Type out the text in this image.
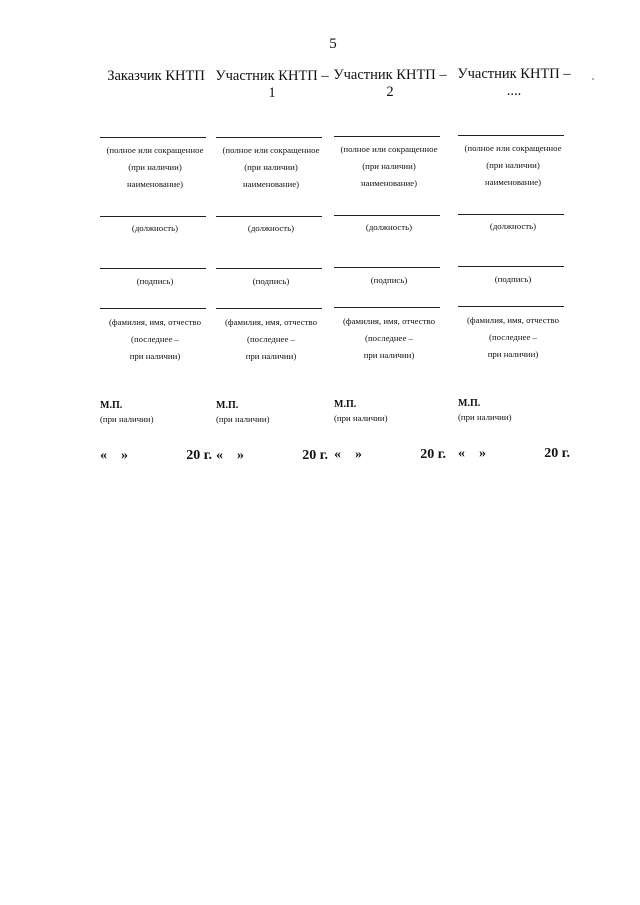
5
Заказчик КНТП
(полное или сокращенное
(при наличии)
наименование)
(должность)
(подпись)
(фамилия, имя, отчество
(последнее –
при наличии)
М.П.
(при наличии)
«    »	20 г.
Участник КНТП – 1
(полное или сокращенное
(при наличии)
наименование)
(должность)
(подпись)
(фамилия, имя, отчество
(последнее –
при наличии)
М.П.
(при наличии)
«    »	20 г.
Участник КНТП – 2
(полное или сокращенное
(при наличии)
наименование)
(должность)
(подпись)
(фамилия, имя, отчество
(последнее –
при наличии)
М.П.
(при наличии)
«    »	20 г.
Участник КНТП – ....
(полное или сокращенное
(при наличии)
наименование)
(должность)
(подпись)
(фамилия, имя, отчество
(последнее –
при наличии)
М.П.
(при наличии)
«    »	20 г.
